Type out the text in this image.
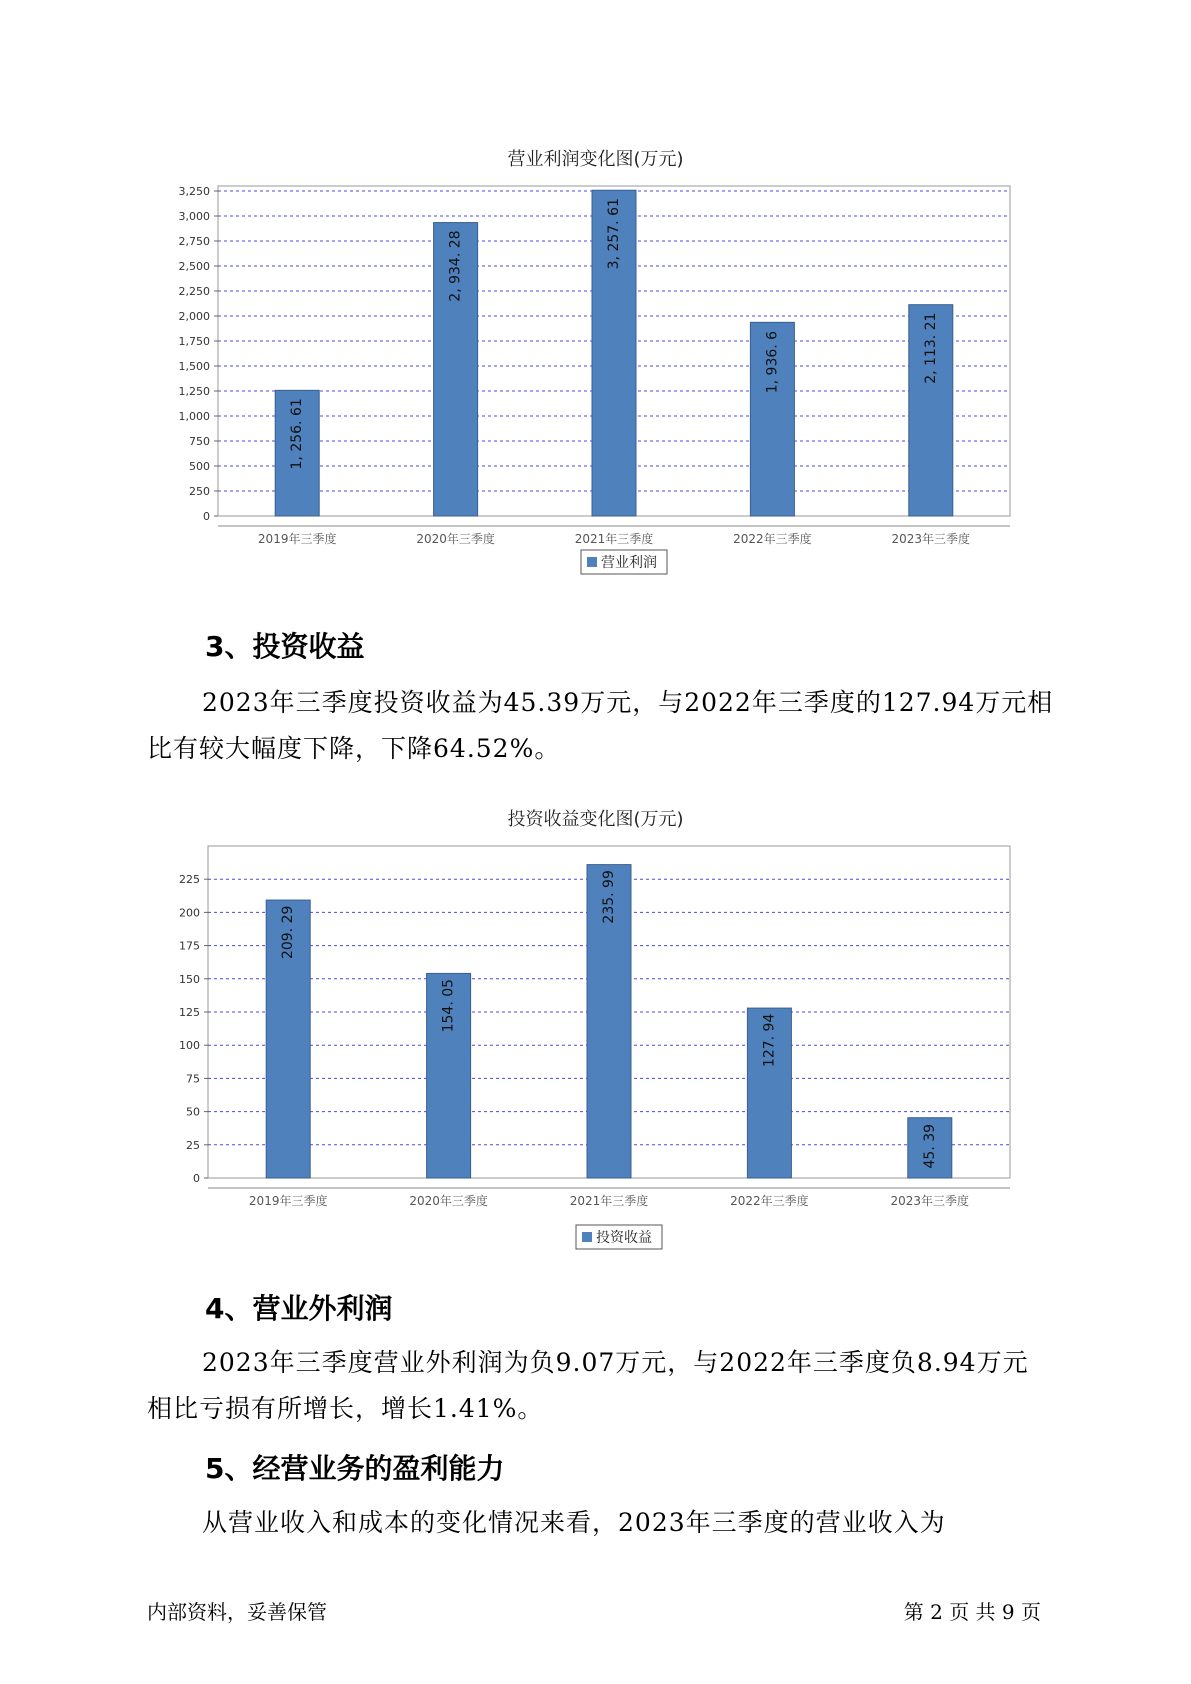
营业利润变化图(万元)
0
250
500
750
1,000
1,250
1,500
1,750
2,000
2,250
2,500
2,750
3,000
3,250
1, 256. 61
2019年三季度
2, 934. 28
2020年三季度
3, 257. 61
2021年三季度
1, 936. 6
2022年三季度
2, 113. 21
2023年三季度
营业利润
3、投资收益
2023年三季度投资收益为45.39万元，与2022年三季度的127.94万元相
比有较大幅度下降，下降64.52%。
投资收益变化图(万元)
0
25
50
75
100
125
150
175
200
225
209. 29
2019年三季度
154. 05
2020年三季度
235. 99
2021年三季度
127. 94
2022年三季度
45. 39
2023年三季度
投资收益
4、营业外利润
2023年三季度营业外利润为负9.07万元，与2022年三季度负8.94万元
相比亏损有所增长，增长1.41%。
5、经营业务的盈利能力
从营业收入和成本的变化情况来看，2023年三季度的营业收入为
内部资料，妥善保管	第 2 页 共 9 页
